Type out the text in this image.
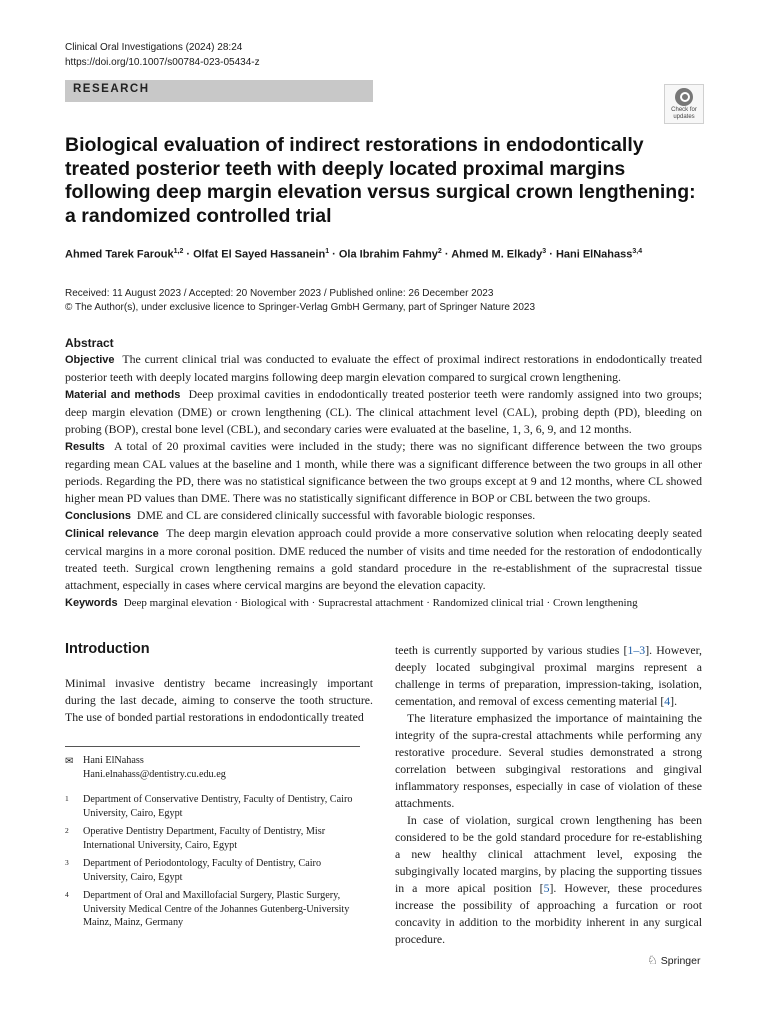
Clinical Oral Investigations (2024) 28:24
https://doi.org/10.1007/s00784-023-05434-z
RESEARCH
Check for
updates
Biological evaluation of indirect restorations in endodontically treated posterior teeth with deeply located proximal margins following deep margin elevation versus surgical crown lengthening: a randomized controlled trial
Ahmed Tarek Farouk$^{1,2}$ · Olfat El Sayed Hassanein$^1$ · Ola Ibrahim Fahmy$^2$ · Ahmed M. Elkady$^3$ · Hani ElNahass$^{3,4}$
Received: 11 August 2023 / Accepted: 20 November 2023 / Published online: 26 December 2023
© The Author(s), under exclusive licence to Springer-Verlag GmbH Germany, part of Springer Nature 2023
Abstract

Objective The current clinical trial was conducted to evaluate the effect of proximal indirect restorations in endodontically treated posterior teeth with deeply located margins following deep margin elevation compared to surgical crown lengthening.

Material and methods Deep proximal cavities in endodontically treated posterior teeth were randomly assigned into two groups; deep margin elevation (DME) or crown lengthening (CL). The clinical attachment level (CAL), probing depth (PD), bleeding on probing (BOP), crestal bone level (CBL), and secondary caries were evaluated at the baseline, 1, 3, 6, 9, and 12 months.

Results A total of 20 proximal cavities were included in the study; there was no significant difference between the two groups regarding mean CAL values at the baseline and 1 month, while there was a significant difference between the two groups in all other periods. Regarding the PD, there was no statistical significance between the two groups except at 9 and 12 months, where CL showed higher mean PD values than DME. There was no statistically significant difference in BOP or CBL between the two groups.

Conclusions DME and CL are considered clinically successful with favorable biologic responses.

Clinical relevance The deep margin elevation approach could provide a more conservative solution when relocating deeply seated cervical margins in a more coronal position. DME reduced the number of visits and time needed for the restoration of endodontically treated teeth. Surgical crown lengthening remains a gold standard procedure in the re-establishment of the supracrestal tissue attachment, especially in cases where cervical margins are beyond the elevation capacity.

Keywords Deep marginal elevation · Biological with · Supracrestal attachment · Randomized clinical trial · Crown lengthening
Introduction
Minimal invasive dentistry became increasingly important during the last decade, aiming to conserve the tooth structure. The use of bonded partial restorations in endodontically treated

teeth is currently supported by various studies [1–3]. However, deeply located subgingival proximal margins represent a challenge in terms of preparation, impression-taking, isolation, cementation, and removal of excess cementing material [4].

The literature emphasized the importance of maintaining the integrity of the supra-crestal attachments while performing any restorative procedure. Several studies demonstrated a strong correlation between subgingival restorations and gingival inflammatory responses, especially in case of violation of these attachments.

In case of violation, surgical crown lengthening has been considered to be the gold standard procedure for re-establishing a new healthy clinical attachment level, exposing the subgingivally located margins, by placing the supporting tissues in a more apical position [5]. However, these procedures increase the possibility of approaching a furcation or root concavity in addition to the morbidity inherent in any surgical procedure.

✉ Hani ElNahass
Hani.elnahass@dentistry.cu.edu.eg
1 Department of Conservative Dentistry, Faculty of Dentistry, Cairo University, Cairo, Egypt
2 Operative Dentistry Department, Faculty of Dentistry, Misr International University, Cairo, Egypt
3 Department of Periodontology, Faculty of Dentistry, Cairo University, Cairo, Egypt
4 Department of Oral and Maxillofacial Surgery, Plastic Surgery, University Medical Centre of the Johannes Gutenberg-University Mainz, Mainz, Germany
♘ Springer
